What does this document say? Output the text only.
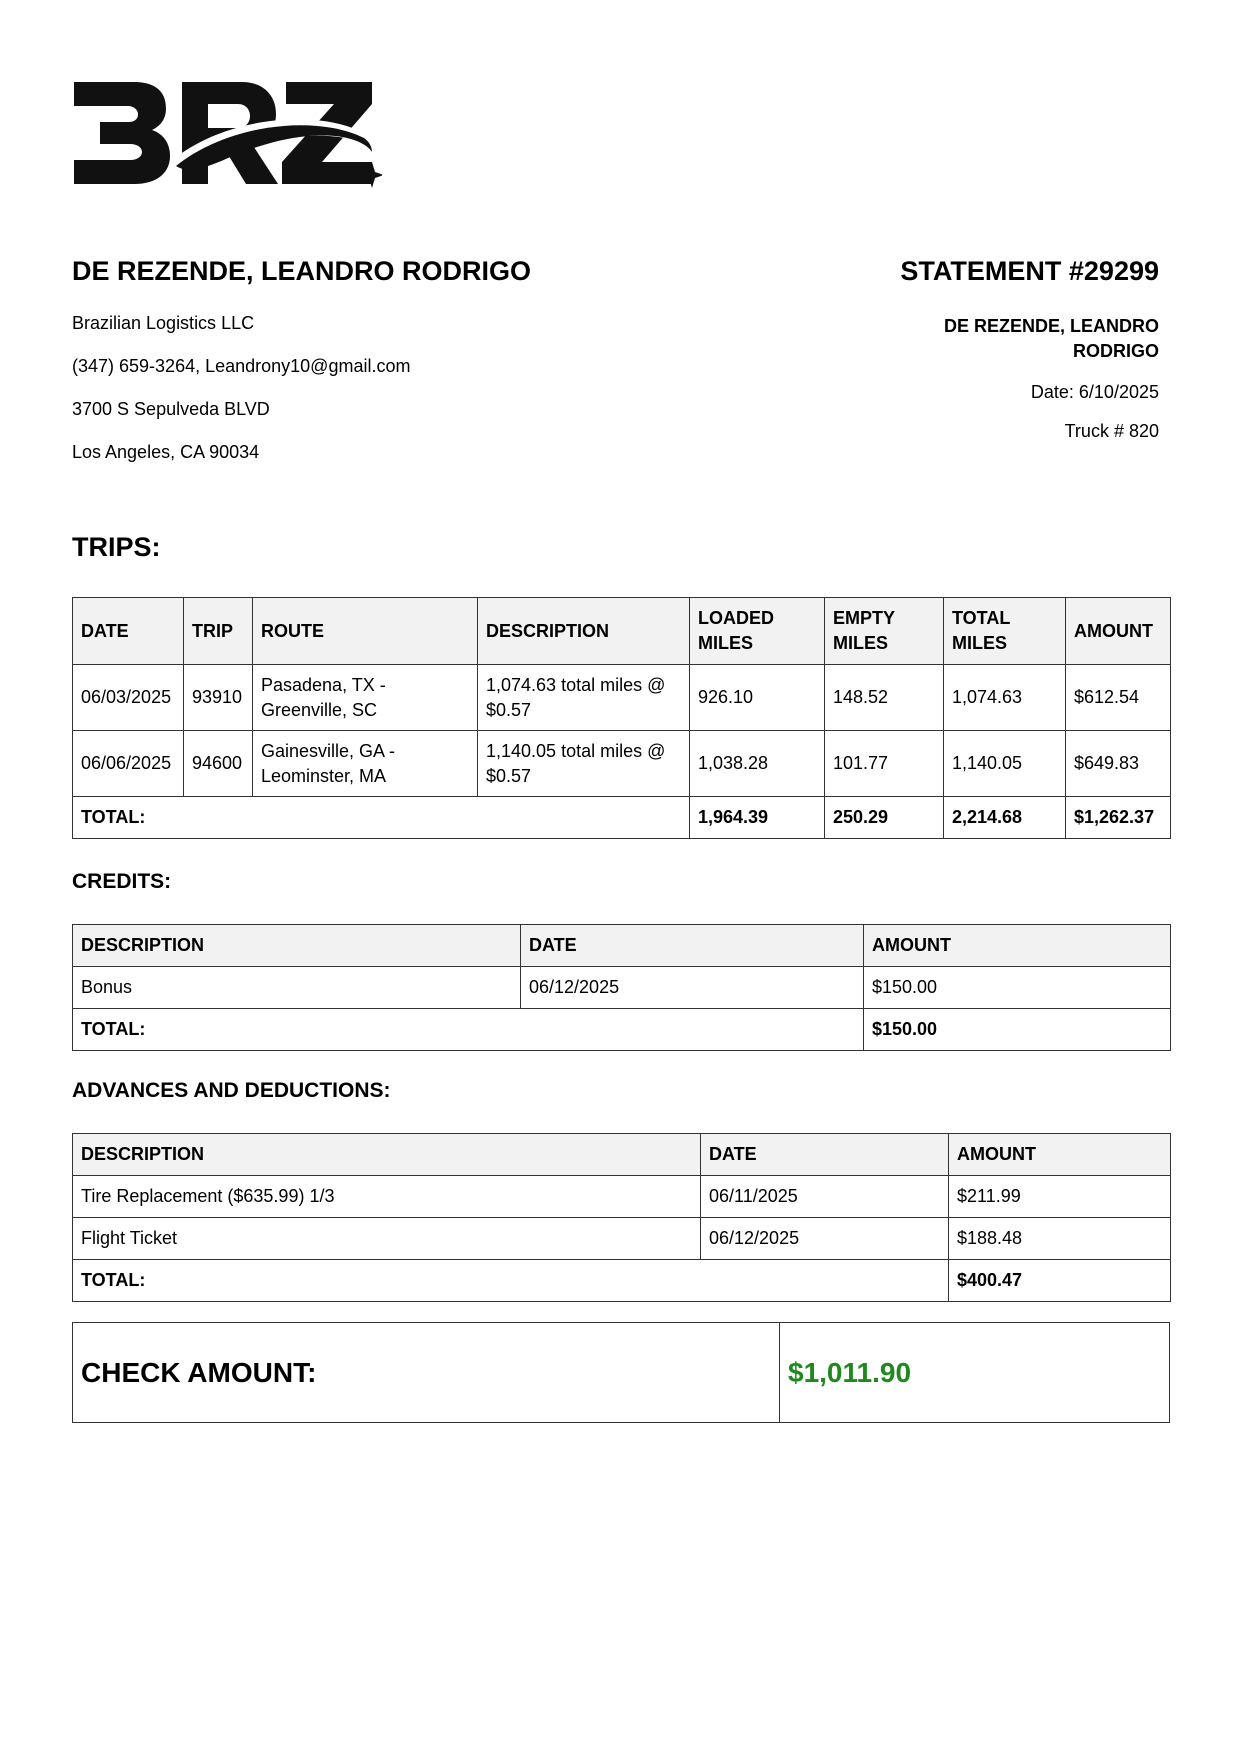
DE REZENDE, LEANDRO RODRIGO	STATEMENT #29299
Brazilian Logistics LLC
(347) 659-3264, Leandrony10@gmail.com
3700 S Sepulveda BLVD
Los Angeles, CA 90034
DE REZENDE, LEANDRO
RODRIGO
Date: 6/10/2025
Truck # 820
TRIPS:
DATE	TRIP	ROUTE	DESCRIPTION	LOADED MILES	EMPTY MILES	TOTAL MILES	AMOUNT
06/03/2025	93910	Pasadena, TX - Greenville, SC	1,074.63 total miles @ $0.57	926.10	148.52	1,074.63	$612.54
06/06/2025	94600	Gainesville, GA - Leominster, MA	1,140.05 total miles @ $0.57	1,038.28	101.77	1,140.05	$649.83
TOTAL:				1,964.39	250.29	2,214.68	$1,262.37
CREDITS:
DESCRIPTION	DATE	AMOUNT
Bonus	06/12/2025	$150.00
TOTAL:		$150.00
ADVANCES AND DEDUCTIONS:
DESCRIPTION	DATE	AMOUNT
Tire Replacement ($635.99) 1/3	06/11/2025	$211.99
Flight Ticket	06/12/2025	$188.48
TOTAL:		$400.47
CHECK AMOUNT:	$1,011.90
